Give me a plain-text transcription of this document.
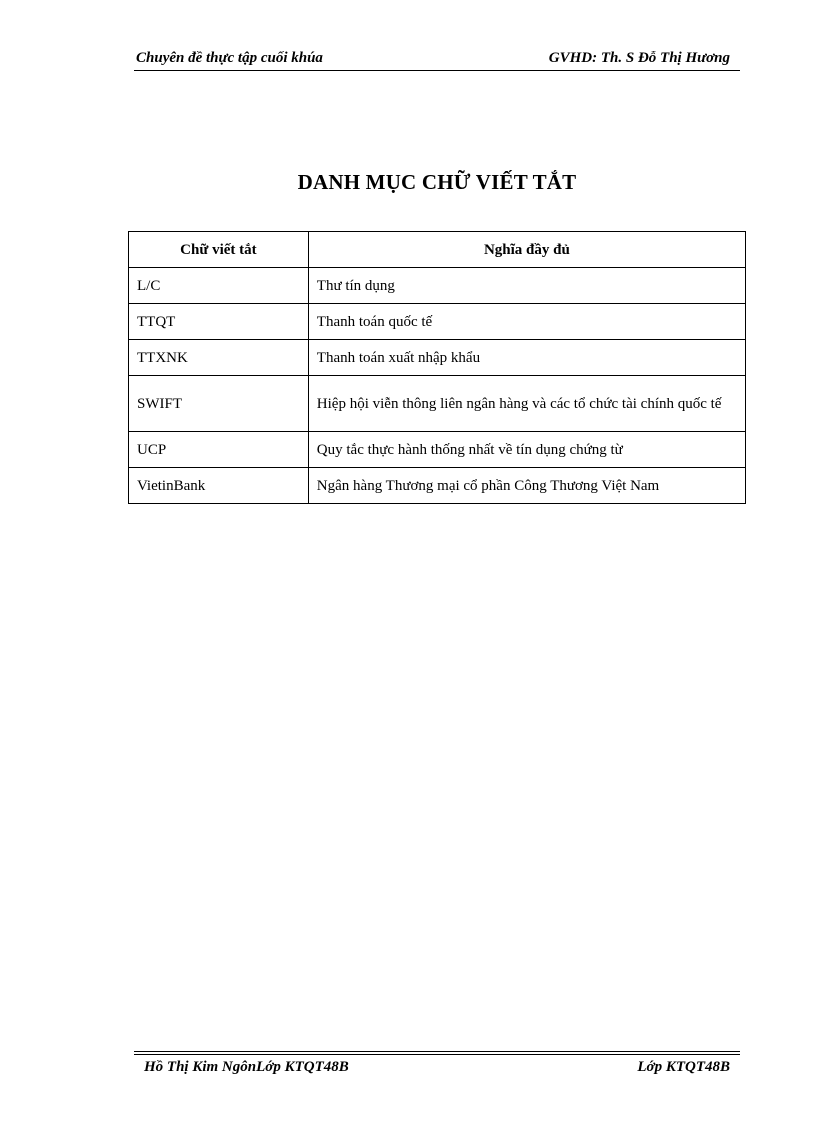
Chuyên đề thực tập cuối khúa	GVHD: Th. S Đỗ Thị Hương
DANH MỤC CHỮ VIẾT TẮT
Chữ viết tắt	Nghĩa đầy đủ
L/C	Thư tín dụng
TTQT	Thanh toán quốc tế
TTXNK	Thanh toán xuất nhập khẩu
SWIFT	Hiệp hội viễn thông liên ngân hàng và các tổ chức tài chính quốc tế
UCP	Quy tắc thực hành thống nhất về tín dụng chứng từ
VietinBank	Ngân hàng Thương mại cổ phần Công Thương Việt Nam
Hồ Thị Kim NgônLớp KTQT48B	Lớp KTQT48B
